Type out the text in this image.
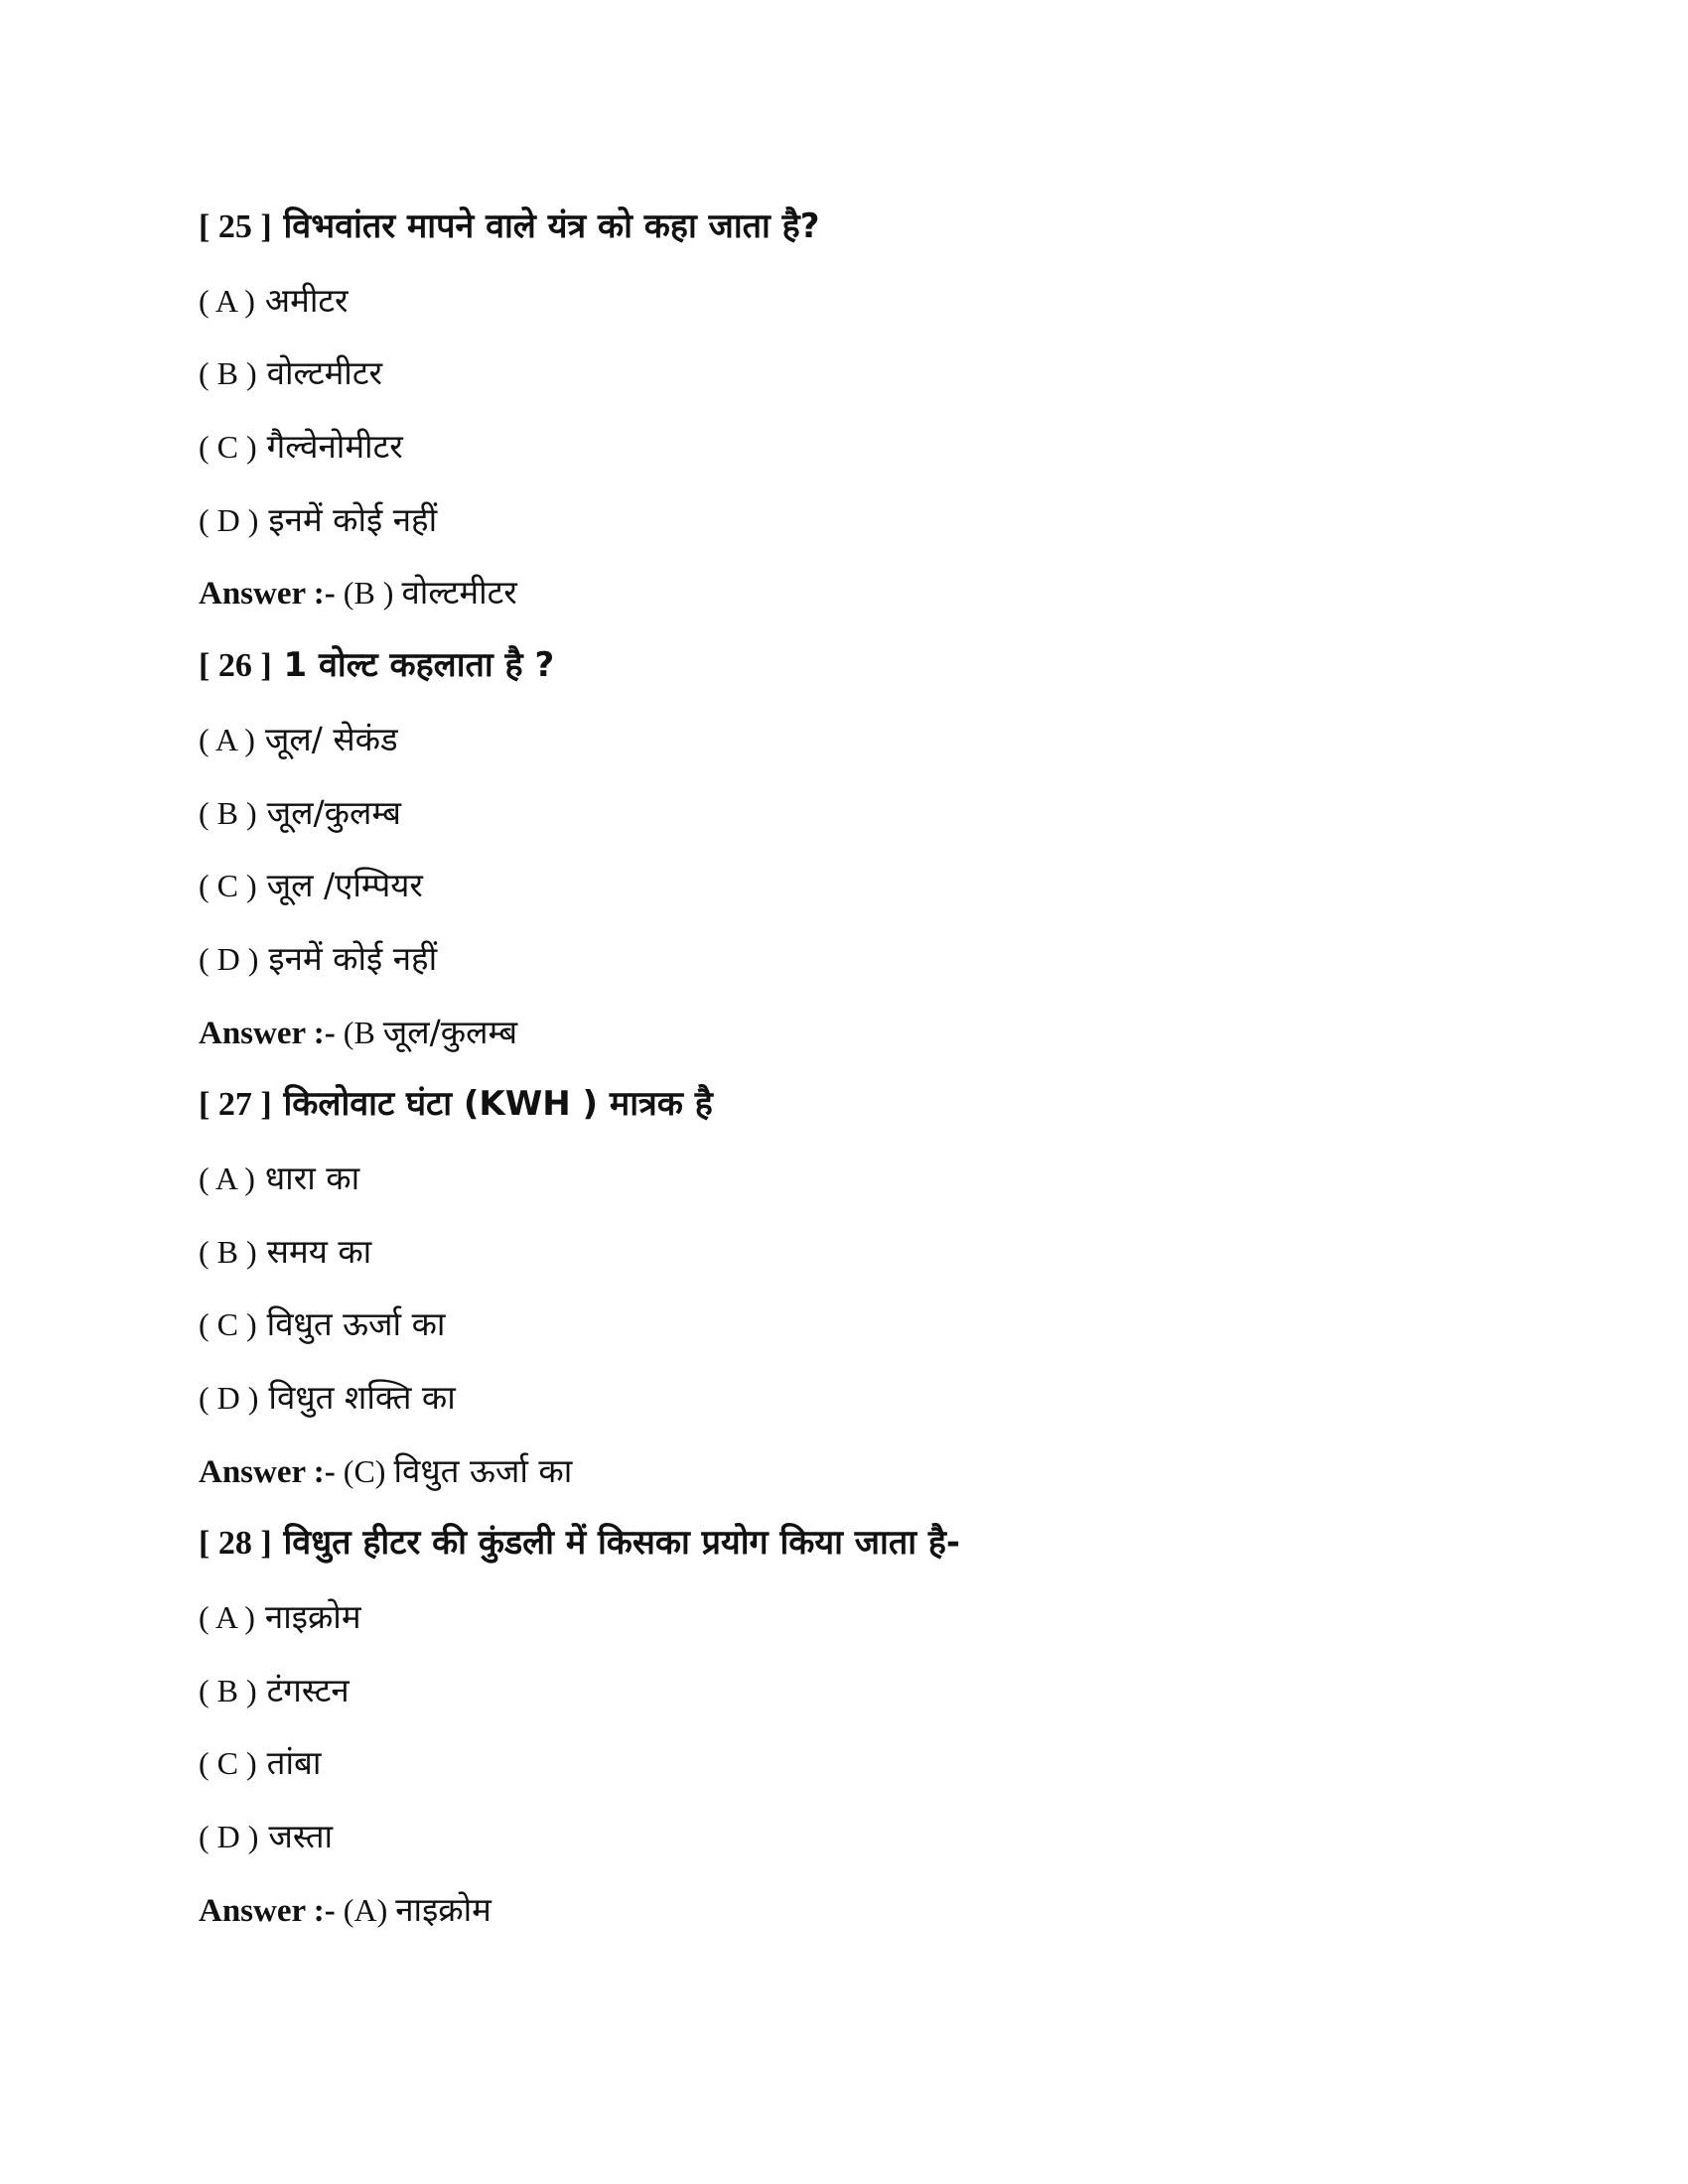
[ 25 ] विभवांतर मापने वाले यंत्र को कहा जाता है?
( A ) अमीटर
( B ) वोल्टमीटर
( C ) गैल्वेनोमीटर
( D ) इनमें कोई नहीं
Answer :- (B ) वोल्टमीटर
[ 26 ] 1 वोल्ट कहलाता है ?
( A ) जूल/ सेकंड
( B ) जूल/कुलम्ब
( C ) जूल /एम्पियर
( D ) इनमें कोई नहीं
Answer :- (B जूल/कुलम्ब
[ 27 ] किलोवाट घंटा (KWH ) मात्रक है
( A ) धारा का
( B ) समय का
( C ) विधुत ऊर्जा का
( D ) विधुत शक्ति का
Answer :- (C) विधुत ऊर्जा का
[ 28 ] विधुत हीटर की कुंडली में किसका प्रयोग किया जाता है-
( A ) नाइक्रोम
( B ) टंगस्टन
( C ) तांबा
( D ) जस्ता
Answer :- (A) नाइक्रोम
